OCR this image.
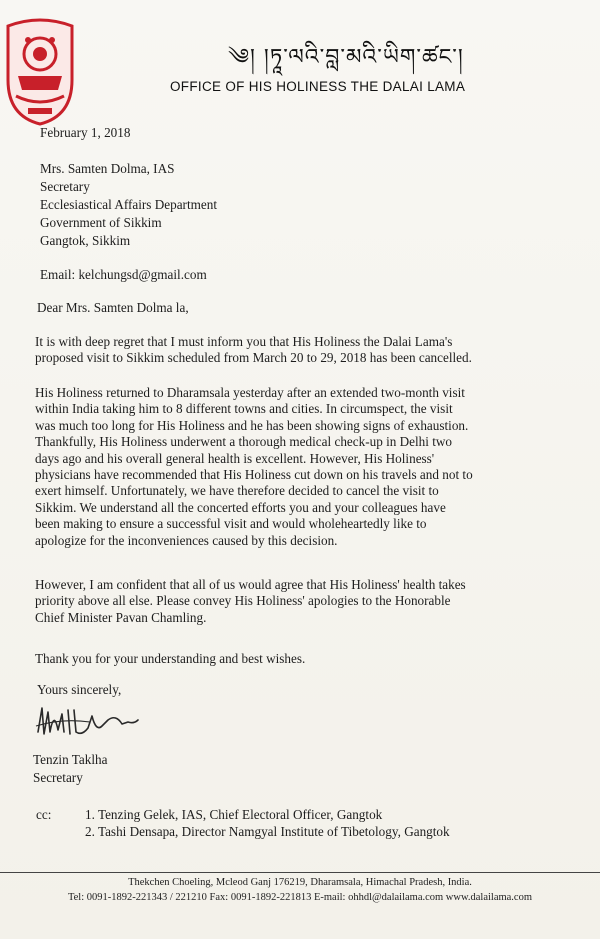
༄། །ཏཱ་ལའི་བླ་མའི་ཡིག་ཚང་།
OFFICE OF HIS HOLINESS THE DALAI LAMA
February 1, 2018
Mrs. Samten Dolma, IAS
Secretary
Ecclesiastical Affairs Department
Government of Sikkim
Gangtok, Sikkim
Email: kelchungsd@gmail.com
Dear Mrs. Samten Dolma la,
It is with deep regret that I must inform you that His Holiness the Dalai Lama's
proposed visit to Sikkim scheduled from March 20 to 29, 2018 has been cancelled.
His Holiness returned to Dharamsala yesterday after an extended two-month visit
within India taking him to 8 different towns and cities. In circumspect, the visit
was much too long for His Holiness and he has been showing signs of exhaustion.
Thankfully, His Holiness underwent a thorough medical check-up in Delhi two
days ago and his overall general health is excellent. However, His Holiness'
physicians have recommended that His Holiness cut down on his travels and not to
exert himself. Unfortunately, we have therefore decided to cancel the visit to
Sikkim. We understand all the concerted efforts you and your colleagues have
been making to ensure a successful visit and would wholeheartedly like to
apologize for the inconveniences caused by this decision.
However, I am confident that all of us would agree that His Holiness' health takes
priority above all else. Please convey His Holiness' apologies to the Honorable
Chief Minister Pavan Chamling.
Thank you for your understanding and best wishes.
Yours sincerely,
Tenzin Taklha
Secretary
cc:	1. Tenzing Gelek, IAS, Chief Electoral Officer, Gangtok
2. Tashi Densapa, Director Namgyal Institute of Tibetology, Gangtok
Thekchen Choeling, Mcleod Ganj 176219, Dharamsala, Himachal Pradesh, India.
Tel: 0091-1892-221343 / 221210 Fax: 0091-1892-221813 E-mail: ohhdl@dalailama.com www.dalailama.com
